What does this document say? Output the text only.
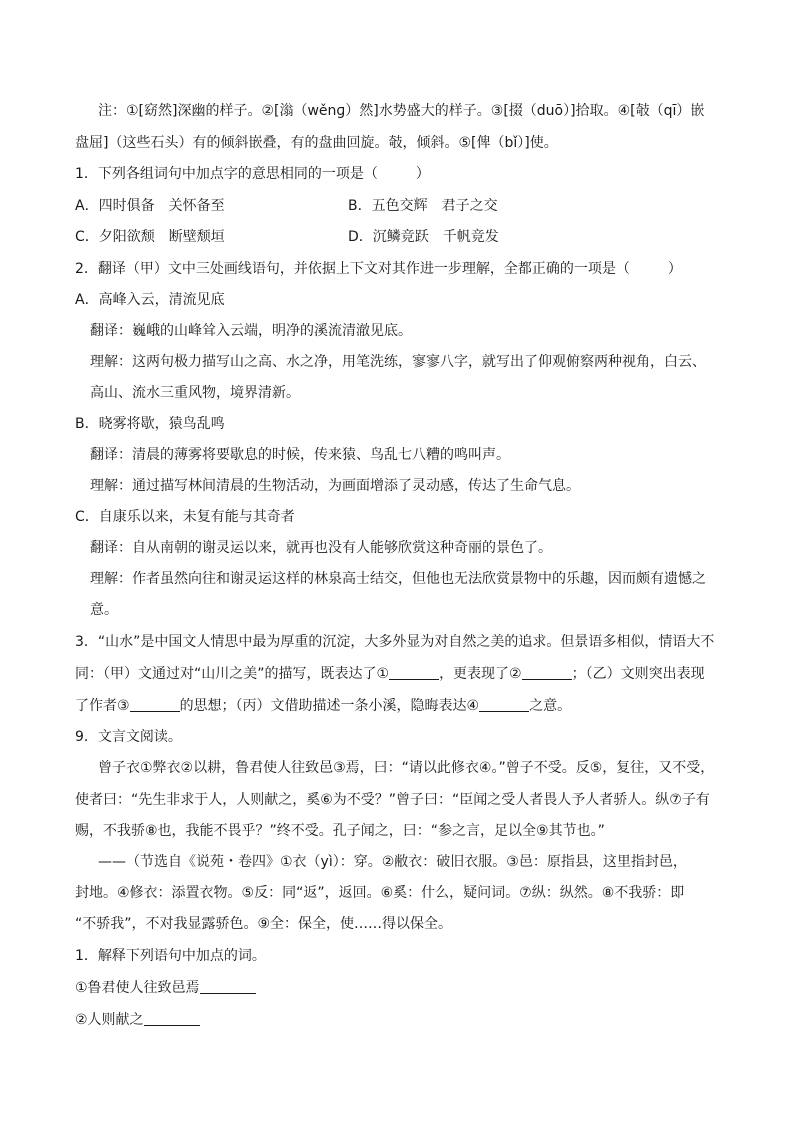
注：①[窈然]深幽的样子。②[滃（wěnɡ）然]水势盛大的样子。③[掇（duō）]拾取。④[攲（qī）嵌
盘屈]（这些石头）有的倾斜嵌叠，有的盘曲回旋。攲，倾斜。⑤[俾（bǐ）]使。
1．下列各组词句中加点字的意思相同的一项是（	）
A．四时俱备　关怀备至	B．五色交辉　君子之交
C．夕阳欲颓　断壁颓垣	D．沉鳞竞跃　千帆竞发
2．翻译（甲）文中三处画线语句，并依据上下文对其作进一步理解，全都正确的一项是（	）
A．高峰入云，清流见底
翻译：巍峨的山峰耸入云端，明净的溪流清澈见底。
理解：这两句极力描写山之高、水之净，用笔洗练，寥寥八字，就写出了仰观俯察两种视角，白云、
高山、流水三重风物，境界清新。
B．晓雾将歇，猿鸟乱鸣
翻译：清晨的薄雾将要歇息的时候，传来猿、鸟乱七八糟的鸣叫声。
理解：通过描写林间清晨的生物活动，为画面增添了灵动感，传达了生命气息。
C．自康乐以来，未复有能与其奇者
翻译：自从南朝的谢灵运以来，就再也没有人能够欣赏这种奇丽的景色了。
理解：作者虽然向往和谢灵运这样的林泉高士结交，但他也无法欣赏景物中的乐趣，因而颇有遗憾之
意。
3．“山水”是中国文人情思中最为厚重的沉淀，大多外显为对自然之美的追求。但景语多相似，情语大不
同：（甲）文通过对“山川之美”的描写，既表达了①	，更表现了②	；（乙）文则突出表现
了作者③	的思想；（丙）文借助描述一条小溪，隐晦表达④	之意。
9．文言文阅读。
曾子衣①弊衣②以耕，鲁君使人往致邑③焉，曰：“请以此修衣④。”曾子不受。反⑤，复往，又不受，
使者曰：“先生非求于人，人则献之，奚⑥为不受？”曾子曰：“臣闻之受人者畏人予人者骄人。纵⑦子有
赐，不我骄⑧也，我能不畏乎？”终不受。孔子闻之，曰：“参之言，足以全⑨其节也。”
——（节选自《说苑・卷四》①衣（yì）：穿。②敝衣：破旧衣服。③邑：原指县，这里指封邑，
封地。④修衣：添置衣物。⑤反：同“返”，返回。⑥奚：什么，疑问词。⑦纵：纵然。⑧不我骄：即
“不骄我”，不对我显露骄色。⑨全：保全，使……得以保全。
1．解释下列语句中加点的词。
①鲁君使人往致邑焉
②人则献之
